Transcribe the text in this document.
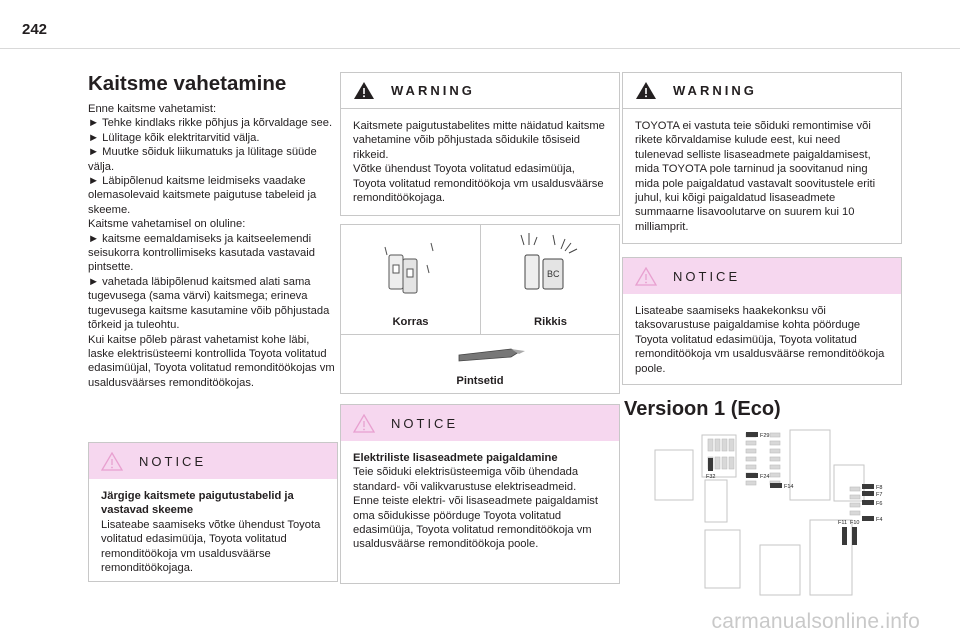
242
Kaitsme vahetamine

Enne kaitsme vahetamist:

► Tehke kindlaks rikke põhjus ja kõrvaldage see.

► Lülitage kõik elektritarvitid välja.

► Muutke sõiduk liikumatuks ja lülitage süüde välja.

► Läbipõlenud kaitsme leidmiseks vaadake olemasolevaid kaitsmete paigutuse tabeleid ja skeeme.

Kaitsme vahetamisel on oluline:

► kaitsme eemaldamiseks ja kaitseelemendi seisukorra kontrollimiseks kasutada vastavaid pintsette.

► vahetada läbipõlenud kaitsmed alati sama tugevusega (sama värvi) kaitsmega; erineva tugevusega kaitsme kasutamine võib põhjustada tõrkeid ja tuleohtu.

Kui kaitse põleb pärast vahetamist kohe läbi, laske elektrisüsteemi kontrollida Toyota volitatud edasimüüjal, Toyota volitatud remonditöökojas vm usaldusväärses remonditöökojas.

NOTICE
Järgige kaitsmete paigutustabelid ja vastavad skeeme
Lisateabe saamiseks võtke ühendust Toyota volitatud edasimüüja, Toyota volitatud remonditöökoja vm usaldusväärse remonditöökojaga.
WARNING
Kaitsmete paigutustabelites mitte näidatud kaitsme vahetamine võib põhjustada sõidukile tõsiseid rikkeid.
Võtke ühendust Toyota volitatud edasimüüja, Toyota volitatud remonditöökoja vm usaldusväärse remonditöökojaga.
Korras
BC
Rikkis
Pintsetid
NOTICE
Elektriliste lisaseadmete paigaldamine
Teie sõiduki elektrisüsteemiga võib ühendada standard- või valikvarustuse elektriseadmeid.
Enne teiste elektri- või lisaseadmete paigaldamist oma sõidukisse pöörduge Toyota volitatud edasimüüja, Toyota volitatud remonditöökoja vm usaldusväärse remonditöökoja poole.
WARNING
TOYOTA ei vastuta teie sõiduki remontimise või rikete kõrvaldamise kulude eest, kui need tulenevad selliste lisaseadmete paigaldamisest, mida TOYOTA pole tarninud ja soovitanud ning mida pole paigaldatud vastavalt soovitustele eriti juhul, kui kõigi paigaldatud lisaseadmete summaarne lisavoolutarve on suurem kui 10 milliamprit.
NOTICE
Lisateabe saamiseks haakekonksu või taksovarustuse paigaldamise kohta pöörduge Toyota volitatud edasimüüja, Toyota volitatud remonditöökoja vm usaldusväärse remonditöökoja poole.
Versioon 1 (Eco)
F29
F32	F24
F14	F8
F7
F6
F4
F11 F10
carmanualsonline.info
